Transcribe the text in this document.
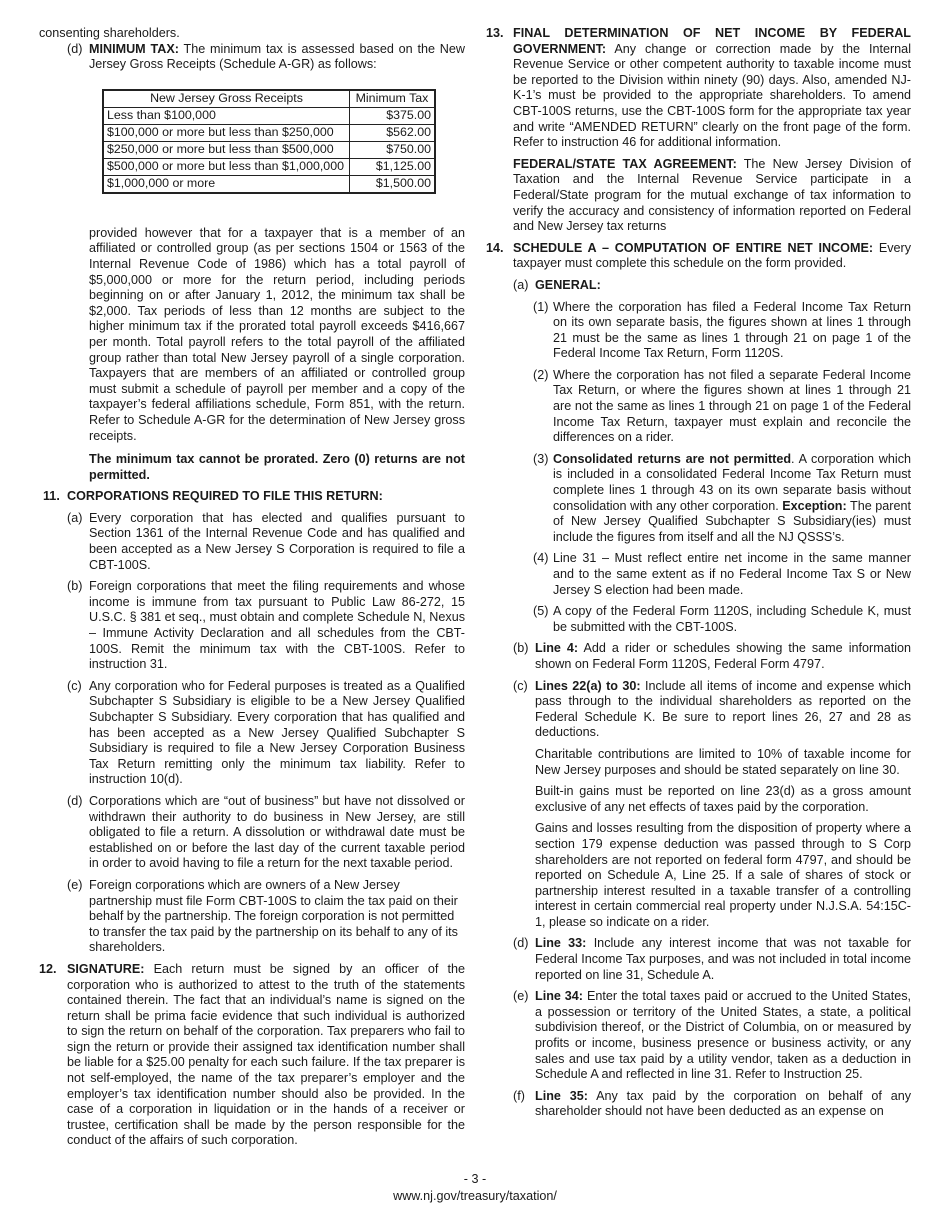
consenting shareholders.

(d) MINIMUM TAX: The minimum tax is assessed based on the New Jersey Gross Receipts (Schedule A-GR) as follows:

New Jersey Gross Receipts	Minimum Tax
Less than $100,000	$375.00
$100,000 or more but less than $250,000	$562.00
$250,000 or more but less than $500,000	$750.00
$500,000 or more but less than $1,000,000	$1,125.00
$1,000,000 or more	$1,500.00

provided however that for a taxpayer that is a member of an affiliated or controlled group (as per sections 1504 or 1563 of the Internal Revenue Code of 1986) which has a total payroll of $5,000,000 or more for the return period, including periods beginning on or after January 1, 2012, the minimum tax shall be $2,000. Tax periods of less than 12 months are subject to the higher minimum tax if the prorated total payroll exceeds $416,667 per month. Total payroll refers to the total payroll of the affiliated group rather than total New Jersey payroll of a single corporation. Taxpayers that are members of an affiliated or controlled group must submit a schedule of payroll per member and a copy of the taxpayer’s federal affiliations schedule, Form 851, with the return. Refer to Schedule A-GR for the determination of New Jersey gross receipts.

The minimum tax cannot be prorated. Zero (0) returns are not permitted.

11. CORPORATIONS REQUIRED TO FILE THIS RETURN:
(a) Every corporation that has elected and qualifies pursuant to Section 1361 of the Internal Revenue Code and has qualified and been accepted as a New Jersey S Corporation is required to file a CBT-100S.

(b) Foreign corporations that meet the filing requirements and whose income is immune from tax pursuant to Public Law 86-272, 15 U.S.C. § 381 et seq., must obtain and complete Schedule N, Nexus – Immune Activity Declaration and all schedules from the CBT-100S. Remit the minimum tax with the CBT-100S. Refer to instruction 31.

(c) Any corporation who for Federal purposes is treated as a Qualified Subchapter S Subsidiary is eligible to be a New Jersey Qualified Subchapter S Subsidiary. Every corporation that has qualified and has been accepted as a New Jersey Qualified Subchapter S Subsidiary is required to file a New Jersey Corporation Business Tax Return remitting only the minimum tax liability. Refer to instruction 10(d).

(d) Corporations which are “out of business” but have not dissolved or withdrawn their authority to do business in New Jersey, are still obligated to file a return. A dissolution or withdrawal date must be established on or before the last day of the current taxable period in order to avoid having to file a return for the next taxable period.

(e) Foreign corporations which are owners of a New Jersey partnership must file Form CBT-100S to claim the tax paid on their behalf by the partnership. The foreign corporation is not permitted to transfer the tax paid by the partnership on its behalf to any of its shareholders.

12. SIGNATURE: Each return must be signed by an officer of the corporation who is authorized to attest to the truth of the statements contained therein. The fact that an individual’s name is signed on the return shall be prima facie evidence that such individual is authorized to sign the return on behalf of the corporation. Tax preparers who fail to sign the return or provide their assigned tax identification number shall be liable for a $25.00 penalty for each such failure. If the tax preparer is not self-employed, the name of the tax preparer’s employer and the employer’s tax identification number should also be provided. In the case of a corporation in liquidation or in the hands of a receiver or trustee, certification shall be made by the person responsible for the conduct of the affairs of such corporation.

13. FINAL DETERMINATION OF NET INCOME BY FEDERAL GOVERNMENT: Any change or correction made by the Internal Revenue Service or other competent authority to taxable income must be reported to the Division within ninety (90) days. Also, amended NJ-K-1’s must be provided to the appropriate shareholders. To amend CBT-100S returns, use the CBT-100S form for the appropriate tax year and write “AMENDED RETURN” clearly on the front page of the form. Refer to instruction 46 for additional information.

FEDERAL/STATE TAX AGREEMENT: The New Jersey Division of Taxation and the Internal Revenue Service participate in a Federal/State program for the mutual exchange of tax information to verify the accuracy and consistency of information reported on Federal and New Jersey tax returns

14. SCHEDULE A – COMPUTATION OF ENTIRE NET INCOME: Every taxpayer must complete this schedule on the form provided.

(a) GENERAL:
(1) Where the corporation has filed a Federal Income Tax Return on its own separate basis, the figures shown at lines 1 through 21 must be the same as lines 1 through 21 on page 1 of the Federal Income Tax Return, Form 1120S.

(2) Where the corporation has not filed a separate Federal Income Tax Return, or where the figures shown at lines 1 through 21 are not the same as lines 1 through 21 on page 1 of the Federal Income Tax Return, taxpayer must explain and reconcile the differences on a rider.

(3) Consolidated returns are not permitted. A corporation which is included in a consolidated Federal Income Tax Return must complete lines 1 through 43 on its own separate basis without consolidation with any other corporation. Exception: The parent of New Jersey Qualified Subchapter S Subsidiary(ies) must include the figures from itself and all the NJ QSSS’s.

(4) Line 31 – Must reflect entire net income in the same manner and to the same extent as if no Federal Income Tax S or New Jersey S election had been made.

(5) A copy of the Federal Form 1120S, including Schedule K, must be submitted with the CBT-100S.

(b) Line 4: Add a rider or schedules showing the same information shown on Federal Form 1120S, Federal Form 4797.

(c) Lines 22(a) to 30: Include all items of income and expense which pass through to the individual shareholders as reported on the Federal Schedule K. Be sure to report lines 26, 27 and 28 as deductions.

Charitable contributions are limited to 10% of taxable income for New Jersey purposes and should be stated separately on line 30.

Built-in gains must be reported on line 23(d) as a gross amount exclusive of any net effects of taxes paid by the corporation.

Gains and losses resulting from the disposition of property where a section 179 expense deduction was passed through to S Corp shareholders are not reported on federal form 4797, and should be reported on Schedule A, Line 25. If a sale of shares of stock or partnership interest resulted in a taxable transfer of a controlling interest in certain commercial real property under N.J.S.A. 54:15C-1, please so indicate on a rider.

(d) Line 33: Include any interest income that was not taxable for Federal Income Tax purposes, and was not included in total income reported on line 31, Schedule A.

(e) Line 34: Enter the total taxes paid or accrued to the United States, a possession or territory of the United States, a state, a political subdivision thereof, or the District of Columbia, on or measured by profits or income, business presence or business activity, or any sales and use tax paid by a utility vendor, taken as a deduction in Schedule A and reflected in line 31. Refer to Instruction 25.

(f) Line 35: Any tax paid by the corporation on behalf of any shareholder should not have been deducted as an expense on

- 3 -
www.nj.gov/treasury/taxation/
